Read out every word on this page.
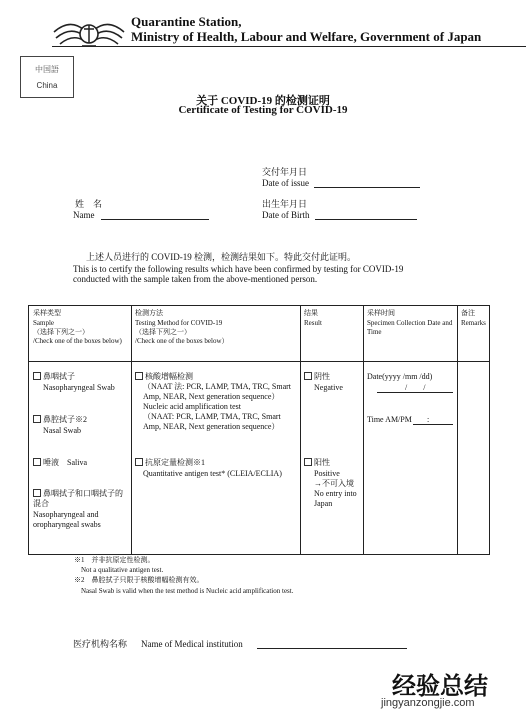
Quarantine Station,
Ministry of Health, Labour and Welfare, Government of Japan
中国語
China
关于 COVID-19 的检测证明
Certificate of Testing for COVID-19
交付年月日
Date of issue
姓　名
Name
出生年月日
Date of Birth
上述人员进行的 COVID-19 检测，检测结果如下。特此交付此证明。
This is to certify the following results which have been confirmed by testing for COVID-19
conducted with the sample taken from the above-mentioned person.
采样类型
Sample
（选择下列之一）
/Check one of the boxes below)
检测方法
Testing Method for COVID-19
（选择下列之一）
/Check one of the boxes below）
结果
Result
采样时间
Specimen Collection Date and Time
备注
Remarks
鼻咽拭子
Nasopharyngeal Swab
鼻腔拭子※2
Nasal Swab
唾液　 Saliva
鼻咽拭子和口咽拭子的混合
Nasopharyngeal and
oropharyngeal swabs
核酸增幅检测
（NAAT 法: PCR, LAMP, TMA, TRC, Smart
Amp, NEAR, Next generation sequence）
Nucleic acid amplification test
（NAAT: PCR, LAMP, TMA, TRC, Smart
Amp, NEAR, Next generation sequence）
抗原定量检测※1
Quantitative antigen test* (CLEIA/ECLIA)
阴性
Negative
阳性
Positive
→不可入境
No entry into
Japan
Date(yyyy /mm /dd)
/　　/
Time AM/PM :
※1　并非抗原定性检测。
Not a qualitative antigen test.
※2　鼻腔拭子只限于核酸增幅检测有效。
Nasal Swab is valid when the test method is Nucleic acid amplification test.
医疗机构名称 Name of Medical institution
经验总结
jingyanzongjie.com
